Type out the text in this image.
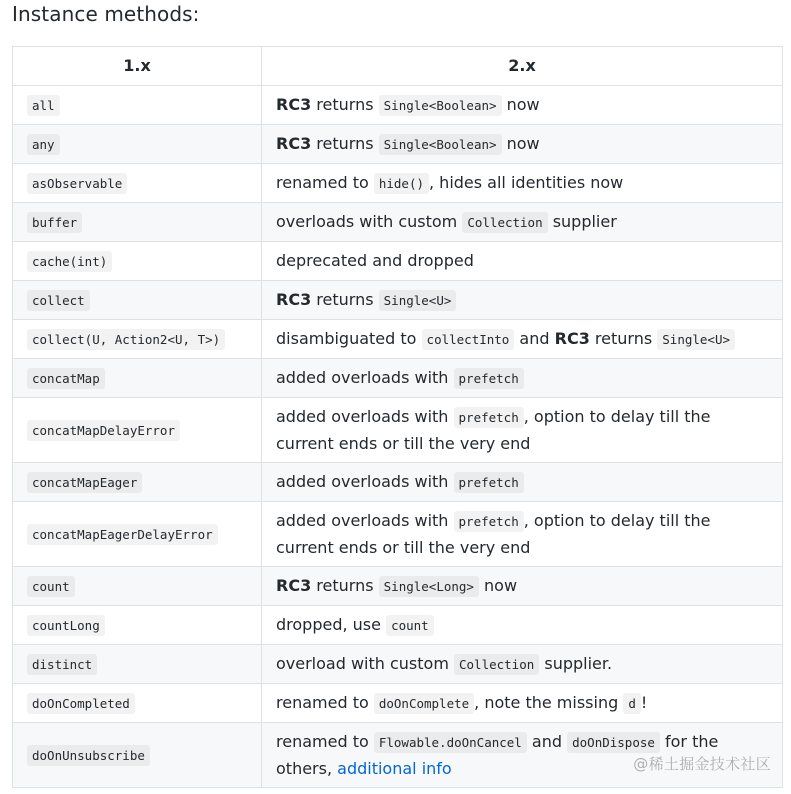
Instance methods:
1.x	2.x
all	RC3 returns Single<Boolean> now
any	RC3 returns Single<Boolean> now
asObservable	renamed to hide() , hides all identities now
buffer	overloads with custom Collection supplier
cache(int)	deprecated and dropped
collect	RC3 returns Single<U>
collect(U, Action2<U, T>)	disambiguated to collectInto and RC3 returns Single<U>
concatMap	added overloads with prefetch
concatMapDelayError	added overloads with prefetch , option to delay till the current ends or till the very end
concatMapEager	added overloads with prefetch
concatMapEagerDelayError	added overloads with prefetch , option to delay till the current ends or till the very end
count	RC3 returns Single<Long> now
countLong	dropped, use count
distinct	overload with custom Collection supplier.
doOnCompleted	renamed to doOnComplete , note the missing d !
doOnUnsubscribe	renamed to Flowable.doOnCancel and doOnDispose for the others, additional info	@稀土掘金技术社区
